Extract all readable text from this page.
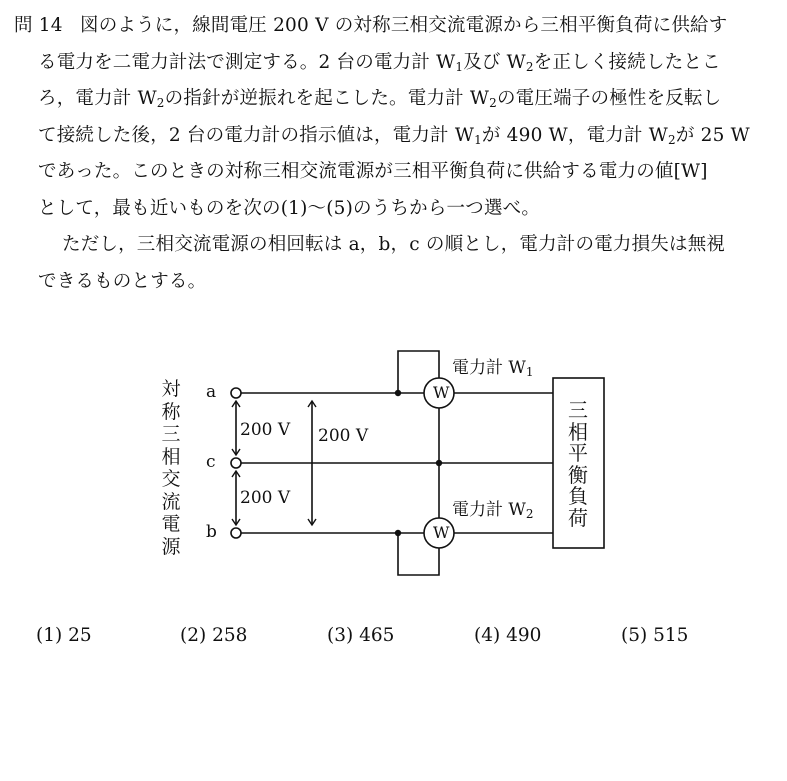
問 14 図のように，線間電圧 200 V の対称三相交流電源から三相平衡負荷に供給す

る電力を二電力計法で測定する。2 台の電力計 $W_1$及び $W_2$を正しく接続したとこ

ろ，電力計 $W_2$の指針が逆振れを起こした。電力計 $W_2$の電圧端子の極性を反転し

て接続した後，2 台の電力計の指示値は，電力計 $W_1$が 490 W，電力計 $W_2$が 25 W

であった。このときの対称三相交流電源が三相平衡負荷に供給する電力の値[W]

として，最も近いものを次の(1)～(5)のうちから一つ選べ。

ただし，三相交流電源の相回転は a，b，c の順とし，電力計の電力損失は無視

できるものとする。

対
称
三
相
交
流
電
源
a
c
b
200 V
200 V
200 V
W
W
電力計 $W_1$
電力計 $W_2$
三
相
平
衡
負
荷
(1) 25	(2) 258	(3) 465	(4) 490	(5) 515
